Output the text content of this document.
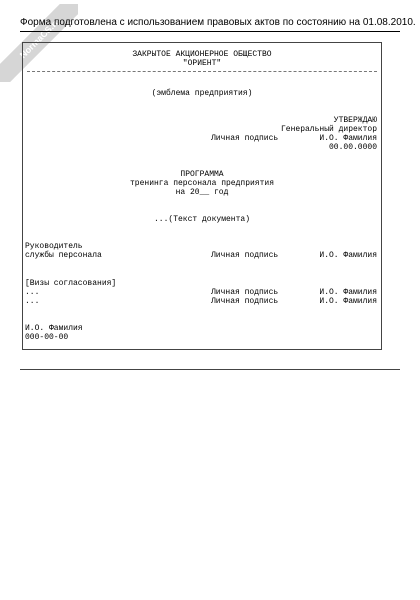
NormaCS.ru
Форма подготовлена с использованием правовых актов по состоянию на 01.08.2010.
ЗАКРЫТОЕ АКЦИОНЕРНОЕ ОБЩЕСТВО
"ОРИЕНТ"
(эмблема предприятия)
УТВЕРЖДАЮ
Генеральный директор
Личная подпись	И.О. Фамилия
00.00.0000
ПРОГРАММА
тренинга персонала предприятия
на 20__ год
...(Текст документа)
Руководитель
службы персонала	Личная подпись	И.О. Фамилия
[Визы согласования]
...	Личная подпись	И.О. Фамилия
...	Личная подпись	И.О. Фамилия
И.О. Фамилия
000-00-00
